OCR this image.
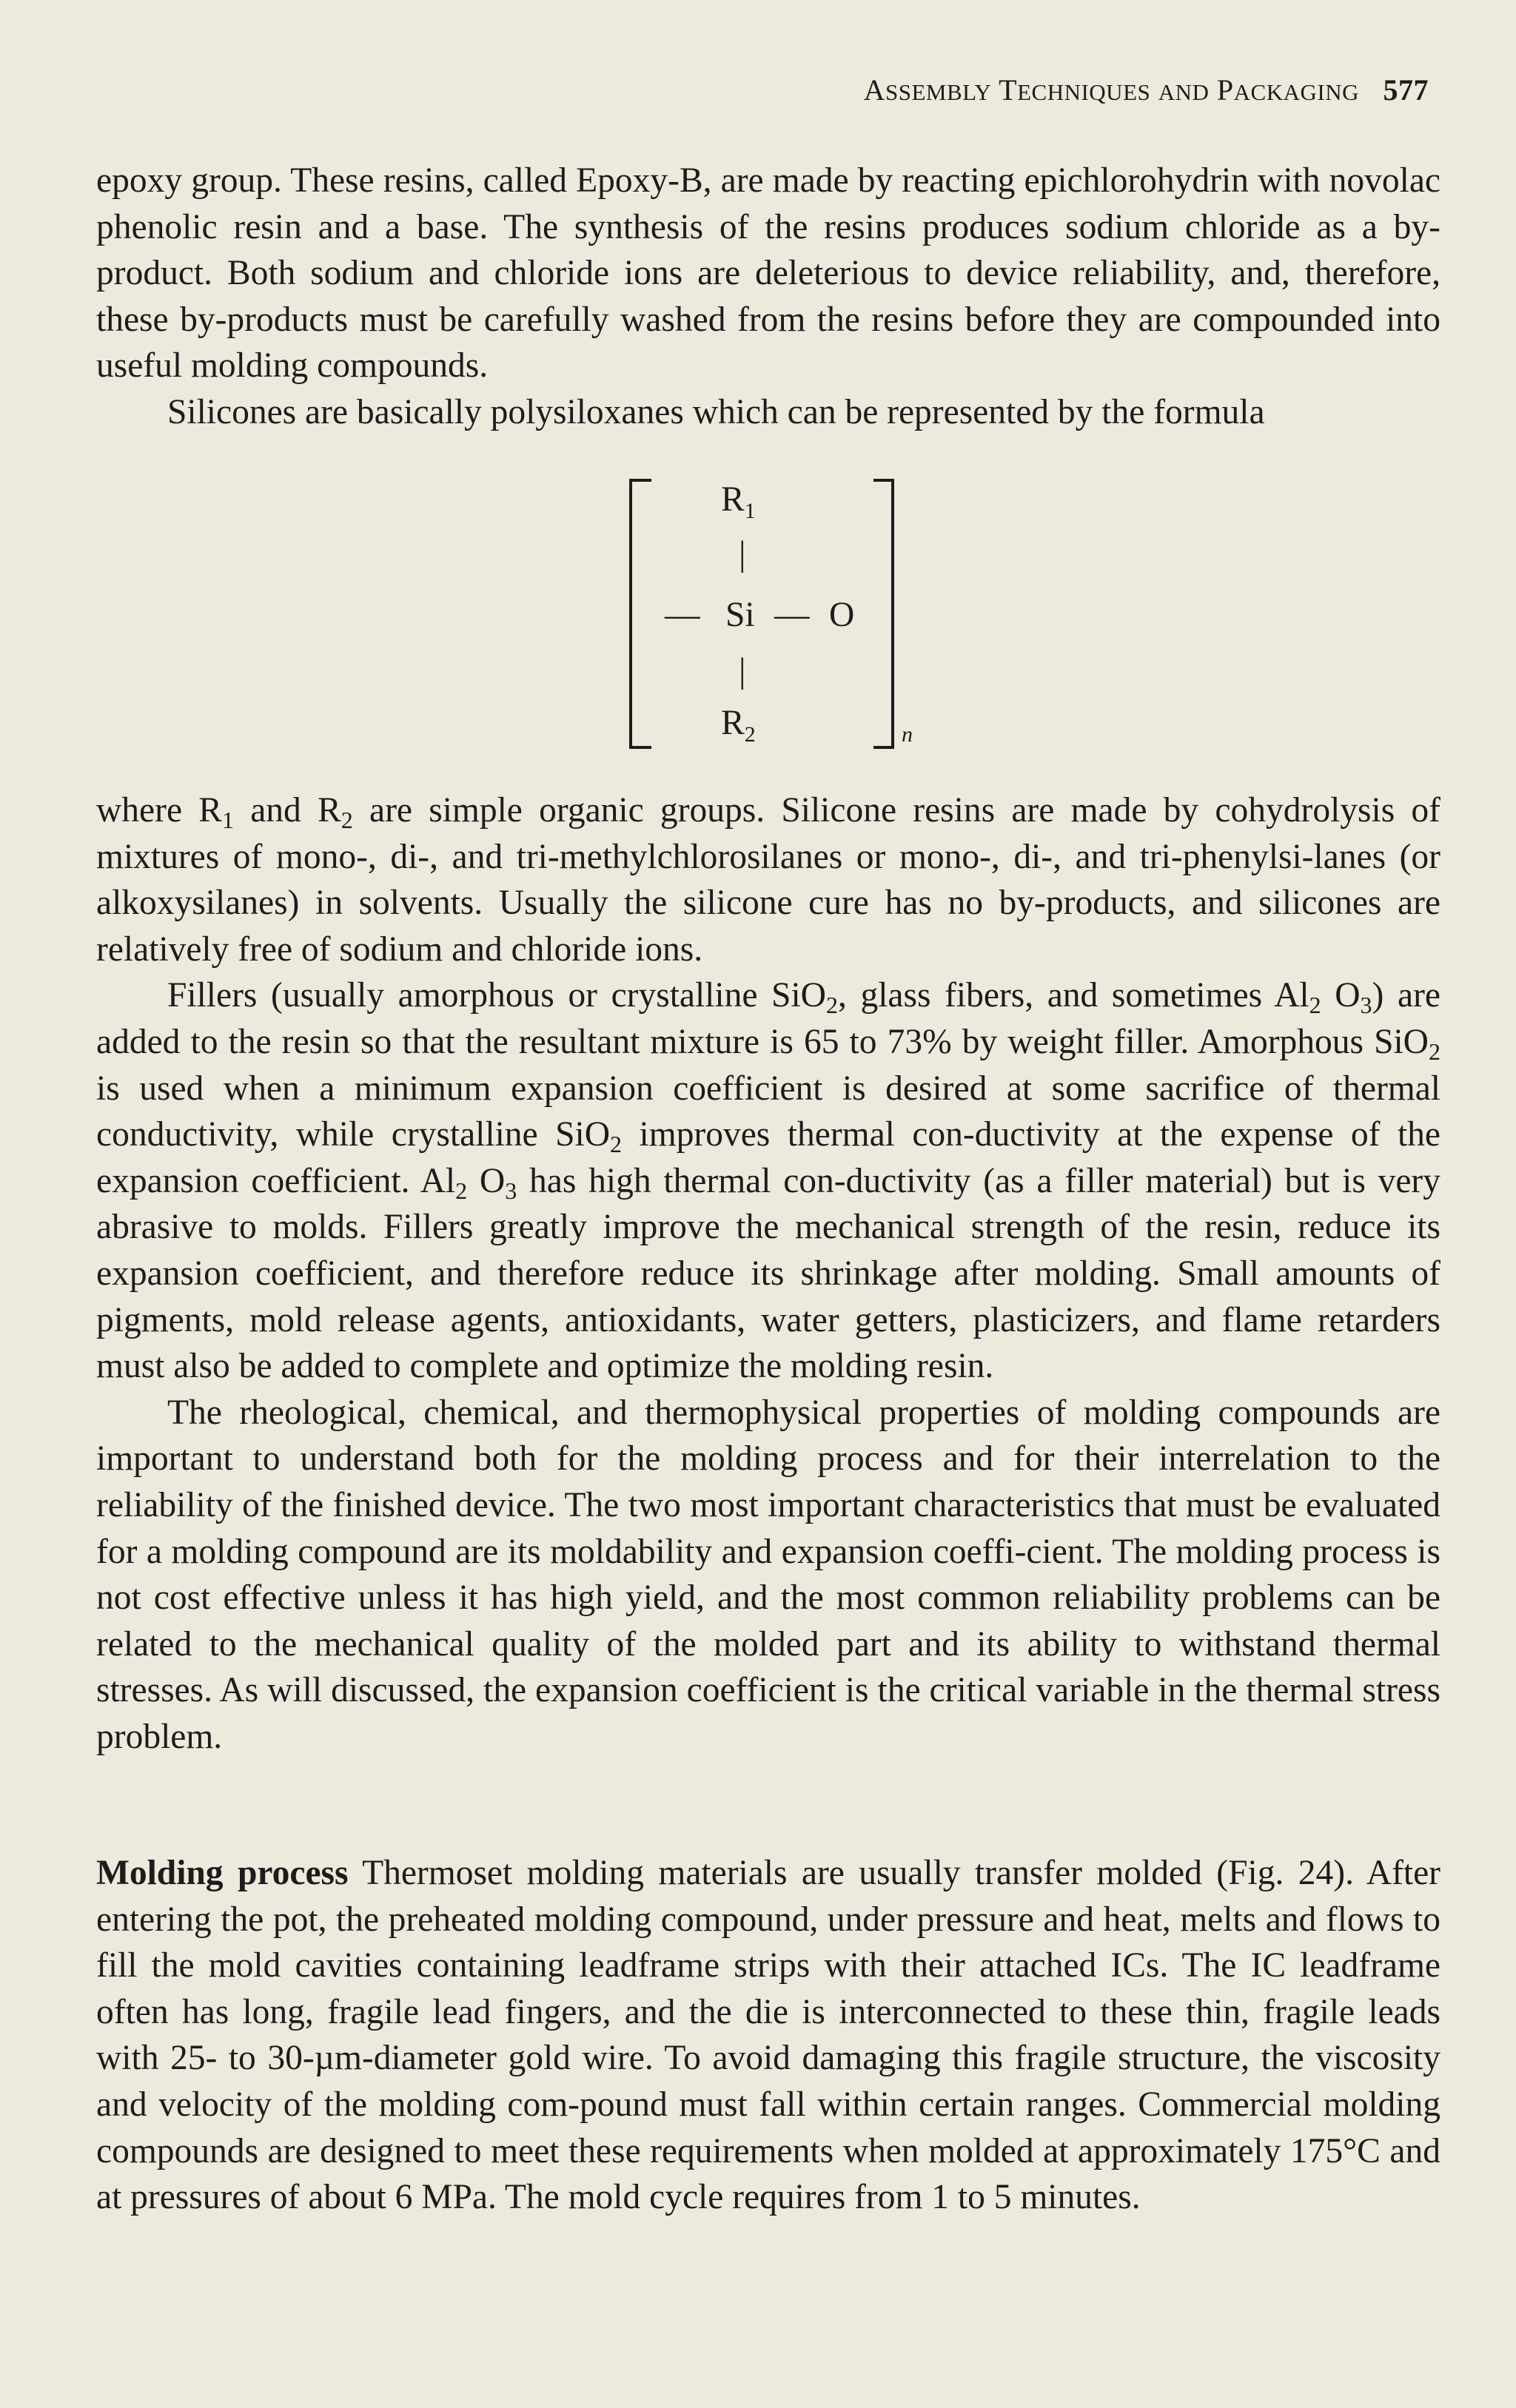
ASSEMBLY TECHNIQUES AND PACKAGING 577

epoxy group. These resins, called Epoxy-B, are made by reacting epichlorohydrin with novolac phenolic resin and a base. The synthesis of the resins produces sodium chloride as a by-product. Both sodium and chloride ions are deleterious to device reliability, and, therefore, these by-products must be carefully washed from the resins before they are compounded into useful molding compounds.

Silicones are basically polysiloxanes which can be represented by the formula

$R_1$
|
— Si — O
|
$R_2$	n

where $R_1$ and $R_2$ are simple organic groups. Silicone resins are made by cohydrolysis of mixtures of mono-, di-, and tri-methylchlorosilanes or mono-, di-, and tri-phenylsi-lanes (or alkoxysilanes) in solvents. Usually the silicone cure has no by-products, and silicones are relatively free of sodium and chloride ions.

Fillers (usually amorphous or crystalline SiO$_2$, glass fibers, and sometimes $Al_2$ $O_3$) are added to the resin so that the resultant mixture is 65 to 73% by weight filler. Amorphous SiO$_2$ is used when a minimum expansion coefficient is desired at some sacrifice of thermal conductivity, while crystalline SiO$_2$ improves thermal con-ductivity at the expense of the expansion coefficient. $Al_2$ $O_3$ has high thermal con-ductivity (as a filler material) but is very abrasive to molds. Fillers greatly improve the mechanical strength of the resin, reduce its expansion coefficient, and therefore reduce its shrinkage after molding. Small amounts of pigments, mold release agents, antioxidants, water getters, plasticizers, and flame retarders must also be added to complete and optimize the molding resin.

The rheological, chemical, and thermophysical properties of molding compounds are important to understand both for the molding process and for their interrelation to the reliability of the finished device. The two most important characteristics that must be evaluated for a molding compound are its moldability and expansion coeffi-cient. The molding process is not cost effective unless it has high yield, and the most common reliability problems can be related to the mechanical quality of the molded part and its ability to withstand thermal stresses. As will discussed, the expansion coefficient is the critical variable in the thermal stress problem.

Molding process Thermoset molding materials are usually transfer molded (Fig. 24). After entering the pot, the preheated molding compound, under pressure and heat, melts and flows to fill the mold cavities containing leadframe strips with their attached ICs. The IC leadframe often has long, fragile lead fingers, and the die is interconnected to these thin, fragile leads with 25- to 30-µm-diameter gold wire. To avoid damaging this fragile structure, the viscosity and velocity of the molding com-pound must fall within certain ranges. Commercial molding compounds are designed to meet these requirements when molded at approximately 175°C and at pressures of about 6 MPa. The mold cycle requires from 1 to 5 minutes.
